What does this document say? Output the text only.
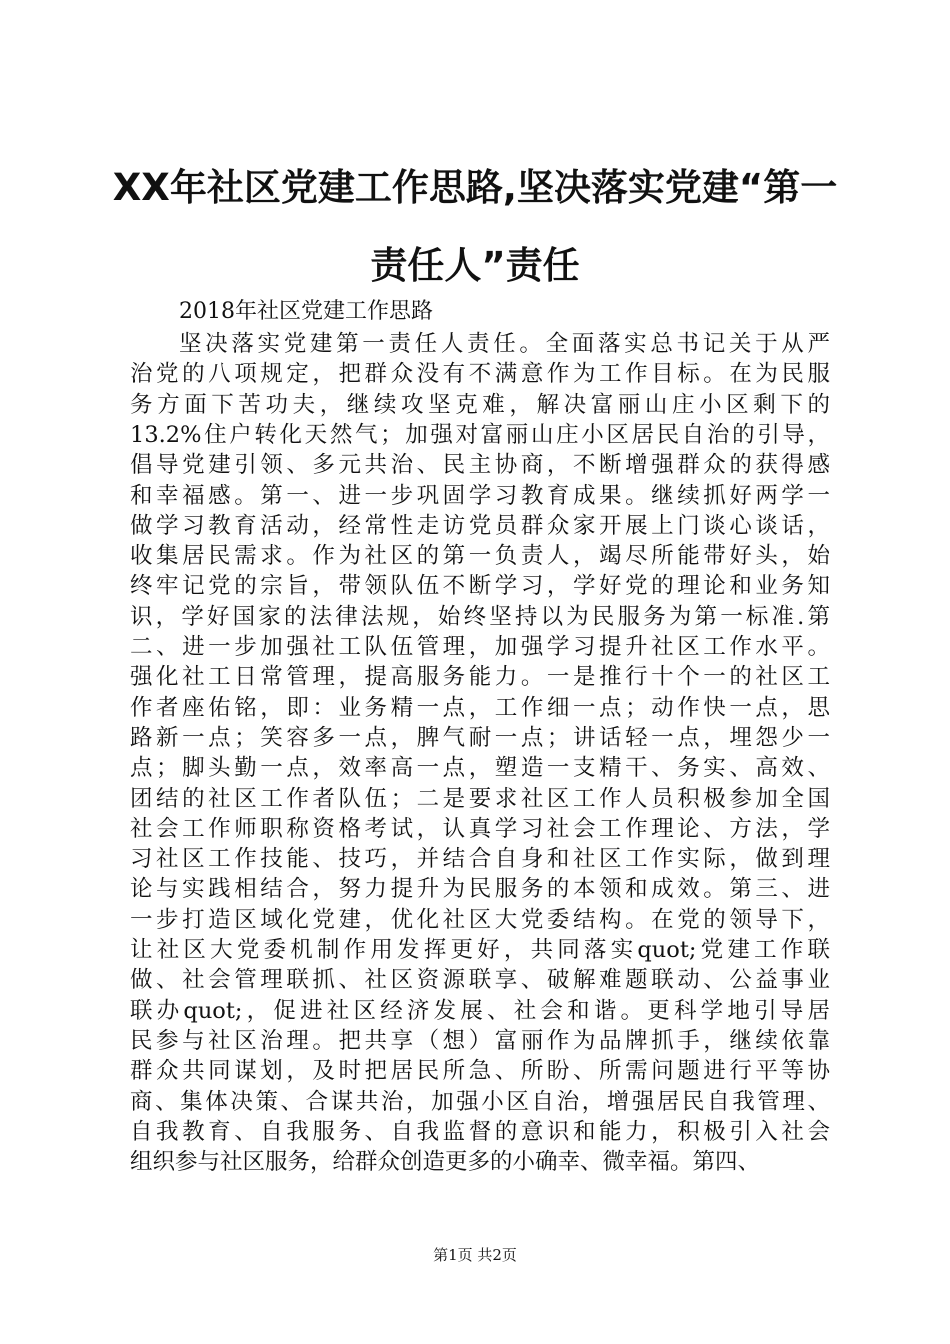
XX年社区党建工作思路,坚决落实党建“第一
责任人”责任
2018年社区党建工作思路
坚决落实党建第一责任人责任。全面落实总书记关于从严
治党的八项规定，把群众没有不满意作为工作目标。在为民服
务方面下苦功夫，继续攻坚克难，解决富丽山庄小区剩下的
13.2%住户转化天然气；加强对富丽山庄小区居民自治的引导，
倡导党建引领、多元共治、民主协商，不断增强群众的获得感
和幸福感。第一、进一步巩固学习教育成果。继续抓好两学一
做学习教育活动，经常性走访党员群众家开展上门谈心谈话，
收集居民需求。作为社区的第一负责人，竭尽所能带好头，始
终牢记党的宗旨，带领队伍不断学习，学好党的理论和业务知
识，学好国家的法律法规，始终坚持以为民服务为第一标准.第
二、进一步加强社工队伍管理，加强学习提升社区工作水平。
强化社工日常管理，提高服务能力。一是推行十个一的社区工
作者座佑铭，即：业务精一点，工作细一点；动作快一点，思
路新一点；笑容多一点，脾气耐一点；讲话轻一点，埋怨少一
点；脚头勤一点，效率高一点，塑造一支精干、务实、高效、
团结的社区工作者队伍；二是要求社区工作人员积极参加全国
社会工作师职称资格考试，认真学习社会工作理论、方法，学
习社区工作技能、技巧，并结合自身和社区工作实际，做到理
论与实践相结合，努力提升为民服务的本领和成效。第三、进
一步打造区域化党建，优化社区大党委结构。在党的领导下，
让社区大党委机制作用发挥更好，共同落实quot;党建工作联
做、社会管理联抓、社区资源联享、破解难题联动、公益事业
联办quot;，促进社区经济发展、社会和谐。更科学地引导居
民参与社区治理。把共享（想）富丽作为品牌抓手，继续依靠
群众共同谋划，及时把居民所急、所盼、所需问题进行平等协
商、集体决策、合谋共治，加强小区自治，增强居民自我管理、
自我教育、自我服务、自我监督的意识和能力，积极引入社会
组织参与社区服务，给群众创造更多的小确幸、微幸福。第四、
第1页 共2页
